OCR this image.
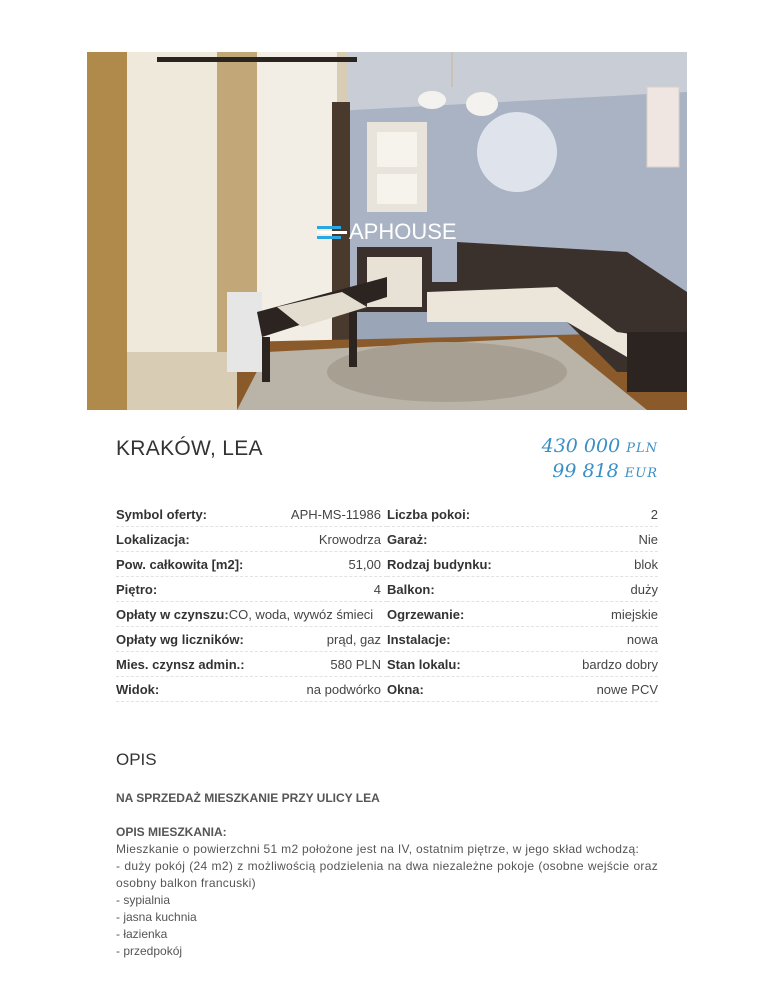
APHOUSE
KRAKÓW, LEA	430 000 PLN
99 818 EUR
Symbol oferty:	APH-MS-11986 Liczba pokoi:	2
Lokalizacja:	Krowodrza Garaż:	Nie
Pow. całkowita [m2]:	51,00 Rodzaj budynku:	blok
Piętro:	4 Balkon:	duży
Opłaty w czynszu:CO, woda, wywóz śmieci Ogrzewanie:	miejskie
Opłaty wg liczników:	prąd, gaz Instalacje:	nowa
Mies. czynsz admin.:	580 PLN Stan lokalu:	bardzo dobry
Widok:	na podwórko Okna:	nowe PCV
OPIS
NA SPRZEDAŻ MIESZKANIE PRZY ULICY LEA
OPIS MIESZKANIA:
Mieszkanie o powierzchni 51 m2 położone jest na IV, ostatnim piętrze, w jego skład wchodzą:
- duży pokój (24 m2) z możliwością podzielenia na dwa niezależne pokoje (osobne wejście oraz osobny balkon francuski)
- sypialnia
- jasna kuchnia
- łazienka
- przedpokój
